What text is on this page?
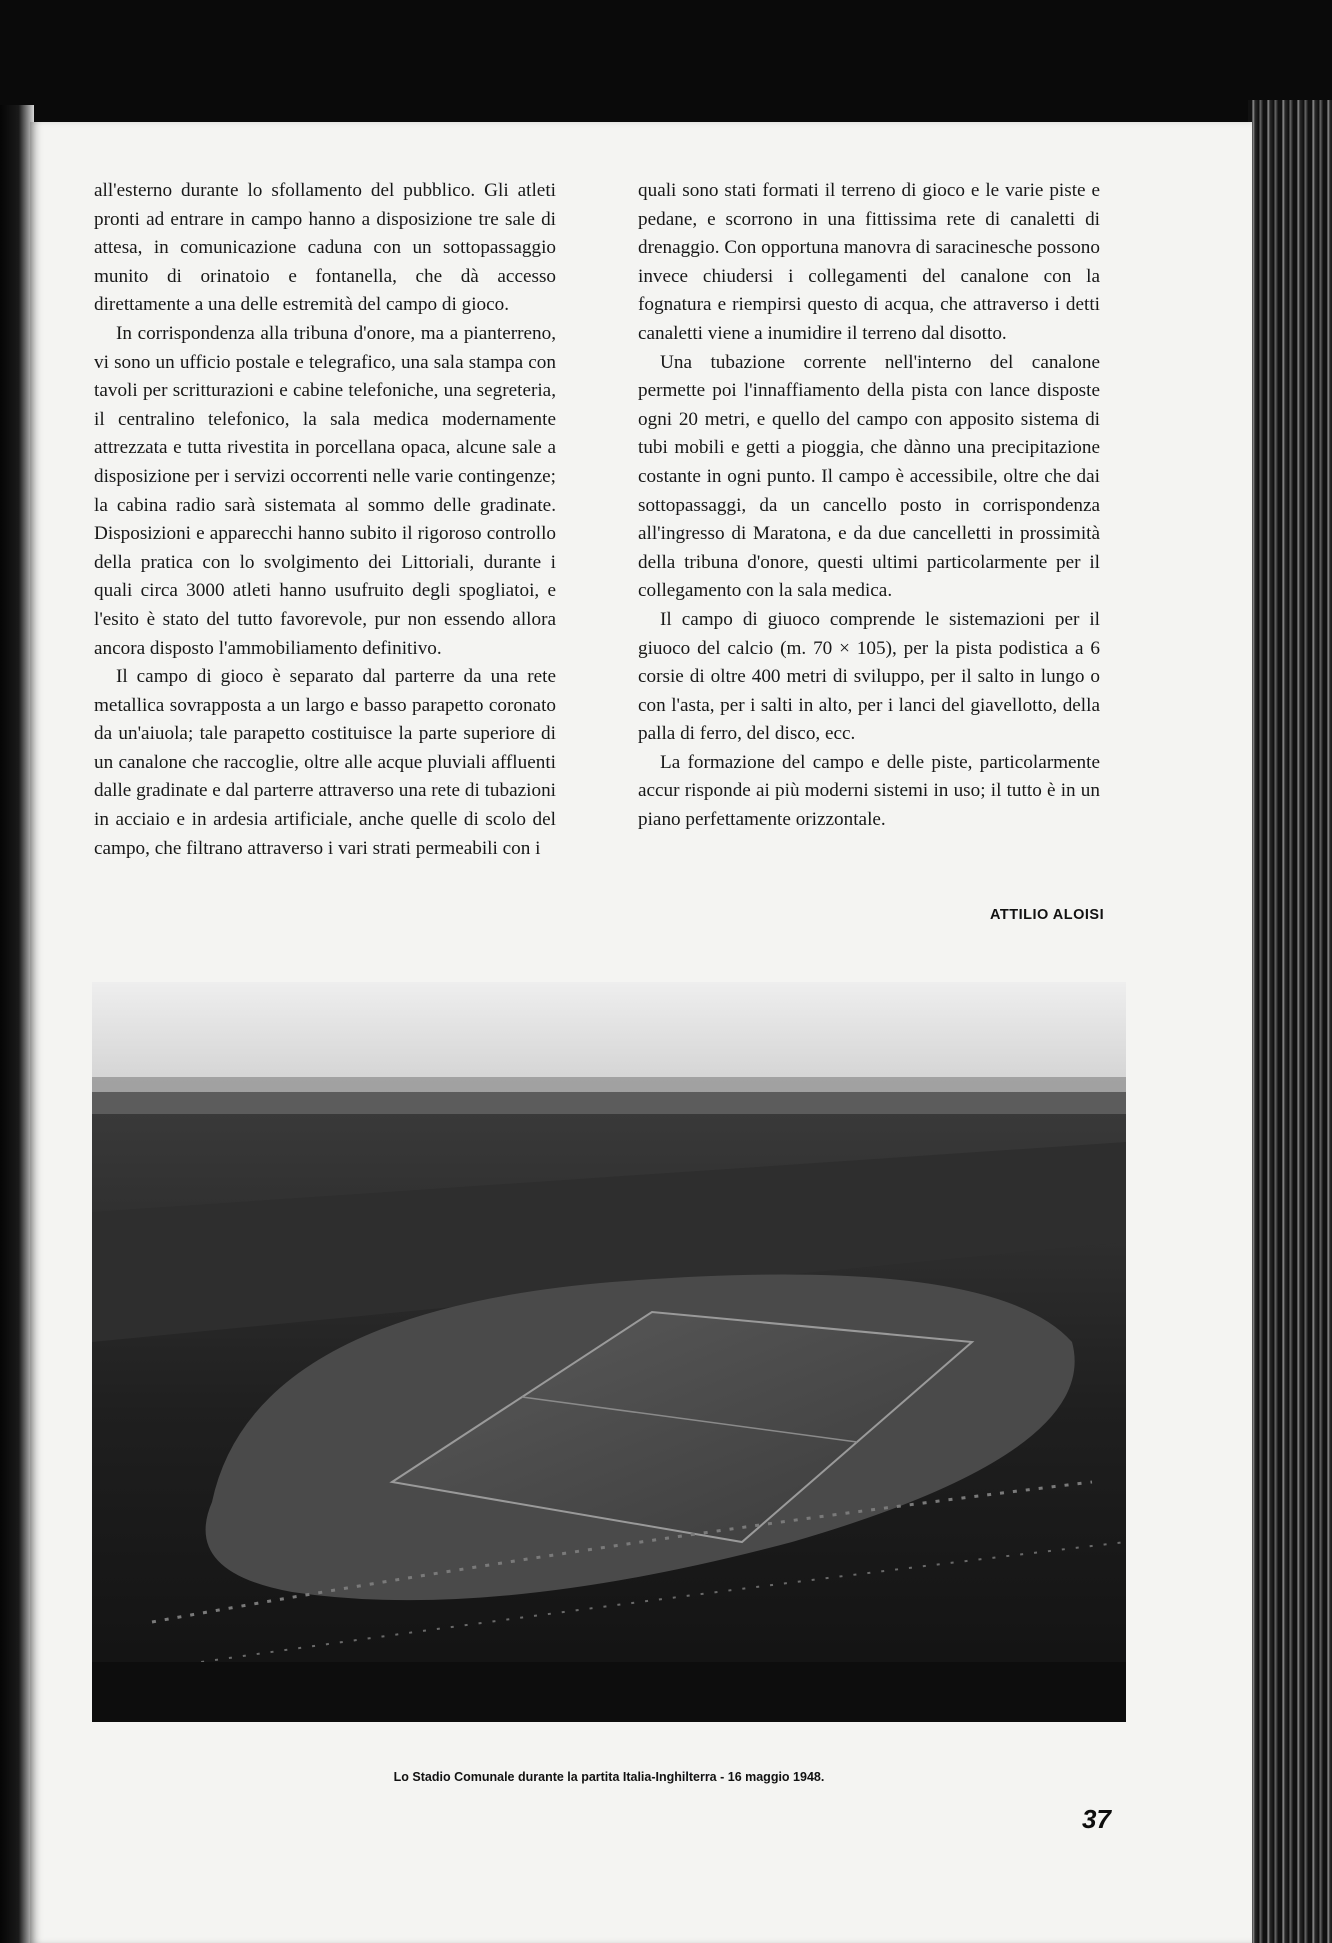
all'esterno durante lo sfollamento del pubblico. Gli atleti pronti ad entrare in campo hanno a disposizione tre sale di attesa, in comunicazione caduna con un sottopassaggio munito di orinatoio e fontanella, che dà accesso direttamente a una delle estremità del campo di gioco.

In corrispondenza alla tribuna d'onore, ma a pianterreno, vi sono un ufficio postale e telegrafico, una sala stampa con tavoli per scritturazioni e cabine telefoniche, una segreteria, il centralino telefonico, la sala medica modernamente attrezzata e tutta rivestita in porcellana opaca, alcune sale a disposizione per i servizi occorrenti nelle varie contingenze; la cabina radio sarà sistemata al sommo delle gradinate. Disposizioni e apparecchi hanno subito il rigoroso controllo della pratica con lo svolgimento dei Littoriali, durante i quali circa 3000 atleti hanno usufruito degli spogliatoi, e l'esito è stato del tutto favorevole, pur non essendo allora ancora disposto l'ammobiliamento definitivo.

Il campo di gioco è separato dal parterre da una rete metallica sovrapposta a un largo e basso parapetto coronato da un'aiuola; tale parapetto costituisce la parte superiore di un canalone che raccoglie, oltre alle acque pluviali affluenti dalle gradinate e dal parterre attraverso una rete di tubazioni in acciaio e in ardesia artificiale, anche quelle di scolo del campo, che filtrano attraverso i vari strati permeabili con i

quali sono stati formati il terreno di gioco e le varie piste e pedane, e scorrono in una fittissima rete di canaletti di drenaggio. Con opportuna manovra di saracinesche possono invece chiudersi i collegamenti del canalone con la fognatura e riempirsi questo di acqua, che attraverso i detti canaletti viene a inumidire il terreno dal disotto.

Una tubazione corrente nell'interno del canalone permette poi l'innaffiamento della pista con lance disposte ogni 20 metri, e quello del campo con apposito sistema di tubi mobili e getti a pioggia, che dànno una precipitazione costante in ogni punto. Il campo è accessibile, oltre che dai sottopassaggi, da un cancello posto in corrispondenza all'ingresso di Maratona, e da due cancelletti in prossimità della tribuna d'onore, questi ultimi particolarmente per il collegamento con la sala medica.

Il campo di giuoco comprende le sistemazioni per il giuoco del calcio (m. 70 × 105), per la pista podistica a 6 corsie di oltre 400 metri di sviluppo, per il salto in lungo o con l'asta, per i salti in alto, per i lanci del giavellotto, della palla di ferro, del disco, ecc.

La formazione del campo e delle piste, particolarmente accur risponde ai più moderni sistemi in uso; il tutto è in un piano perfettamente orizzontale.

ATTILIO ALOISI
Lo Stadio Comunale durante la partita Italia-Inghilterra - 16 maggio 1948.
37
